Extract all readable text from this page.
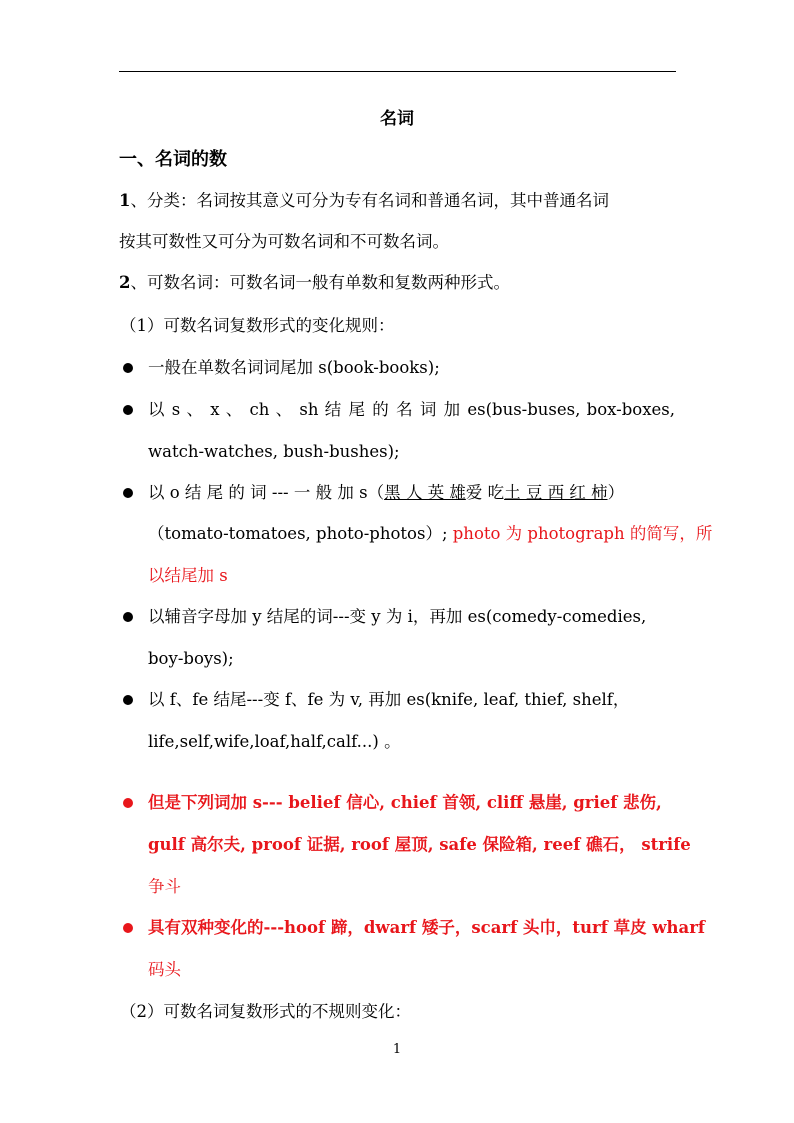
名词
一、名词的数
1、分类：名词按其意义可分为专有名词和普通名词，其中普通名词
按其可数性又可分为可数名词和不可数名词。
2、可数名词：可数名词一般有单数和复数两种形式。
（1）可数名词复数形式的变化规则：
一般在单数名词词尾加 s(book-books);
以 s 、 x 、 ch 、 sh 结 尾 的 名 词 加 es(bus-buses, box-boxes,
watch-watches, bush-bushes);
以 o 结 尾 的 词 --- 一 般 加 s（黑 人 英 雄爱 吃土 豆 西 红 柿）
（tomato-tomatoes, photo-photos）; photo 为 photograph 的简写，所
以结尾加 s
以辅音字母加 y 结尾的词---变 y 为 i，再加 es(comedy-comedies,
boy-boys);
以 f、fe 结尾---变 f、fe 为 v, 再加 es(knife, leaf, thief, shelf，
life,self,wife,loaf,half,calf...) 。
但是下列词加 s--- belief 信心, chief 首领, cliff 悬崖, grief 悲伤,
gulf 高尔夫, proof 证据, roof 屋顶, safe 保险箱, reef 礁石， strife
争斗
具有双种变化的---hoof 蹄，dwarf 矮子，scarf 头巾，turf 草皮 wharf
码头
（2）可数名词复数形式的不规则变化：
1
